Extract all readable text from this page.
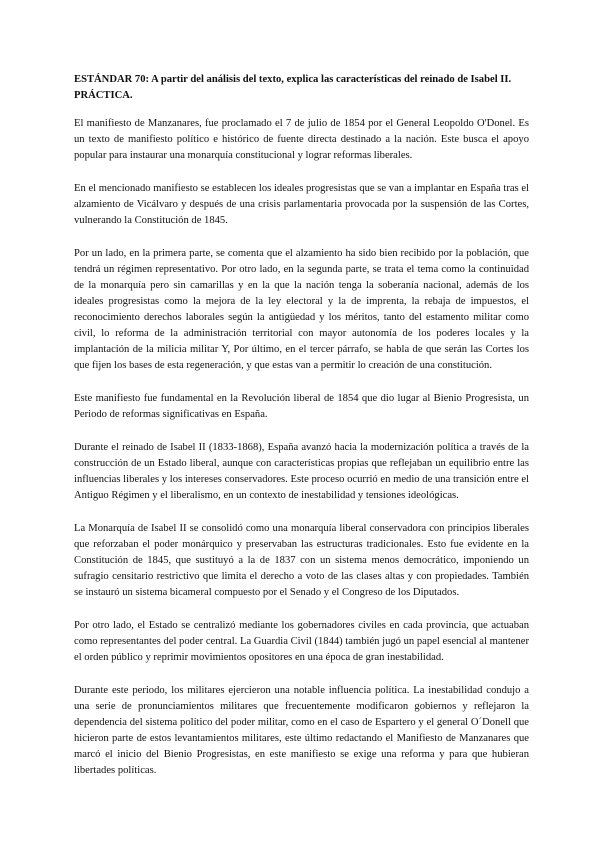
ESTÁNDAR 70: A partir del análisis del texto, explica las características del reinado de Isabel II. PRÁCTICA.

El manifiesto de Manzanares, fue proclamado el 7 de julio de 1854 por el General Leopoldo O'Donel. Es un texto de manifiesto político e histórico de fuente directa destinado a la nación. Este busca el apoyo popular para instaurar una monarquía constitucional y lograr reformas liberales.

En el mencionado manifiesto se establecen los ideales progresistas que se van a implantar en España tras el alzamiento de Vicálvaro y después de una crisis parlamentaria provocada por la suspensión de las Cortes, vulnerando la Constitución de 1845.

Por un lado, en la primera parte, se comenta que el alzamiento ha sido bien recibido por la población, que tendrá un régimen representativo. Por otro lado, en la segunda parte, se trata el tema como la continuidad de la monarquía pero sin camarillas y en la que la nación tenga la soberanía nacional, además de los ideales progresistas como la mejora de la ley electoral y la de imprenta, la rebaja de impuestos, el reconocimiento derechos laborales según la antigüedad y los méritos, tanto del estamento militar como civil, lo reforma de la administración territorial con mayor autonomía de los poderes locales y la implantación de la milicia militar Y, Por último, en el tercer párrafo, se habla de que serán las Cortes los que fijen los bases de esta regeneración, y que estas van a permitir lo creación de una constitución.

Este manifiesto fue fundamental en la Revolución liberal de 1854 que dio lugar al Bienio Progresista, un Periodo de reformas significativas en España.

Durante el reinado de Isabel II (1833-1868), España avanzó hacia la modernización política a través de la construcción de un Estado liberal, aunque con características propias que reflejaban un equilibrio entre las influencias liberales y los intereses conservadores. Este proceso ocurrió en medio de una transición entre el Antiguo Régimen y el liberalismo, en un contexto de inestabilidad y tensiones ideológicas.

La Monarquía de Isabel II se consolidó como una monarquía liberal conservadora con principios liberales que reforzaban el poder monárquico y preservaban las estructuras tradicionales. Esto fue evidente en la Constitución de 1845, que sustituyó a la de 1837 con un sistema menos democrático, imponiendo un sufragio censitario restrictivo que limita el derecho a voto de las clases altas y con propiedades. También se instauró un sistema bicameral compuesto por el Senado y el Congreso de los Diputados.

Por otro lado, el Estado se centralizó mediante los gobernadores civiles en cada provincia, que actuaban como representantes del poder central. La Guardia Civil (1844) también jugó un papel esencial al mantener el orden público y reprimir movimientos opositores en una época de gran inestabilidad.

Durante este periodo, los militares ejercieron una notable influencia política. La inestabilidad condujo a una serie de pronunciamientos militares que frecuentemente modificaron gobiernos y reflejaron la dependencia del sistema político del poder militar, como en el caso de Espartero y el general O´Donell que hicieron parte de estos levantamientos militares, este último redactando el Manifiesto de Manzanares que marcó el inicio del Bienio Progresistas, en este manifiesto se exige una reforma y para que hubieran libertades políticas.
